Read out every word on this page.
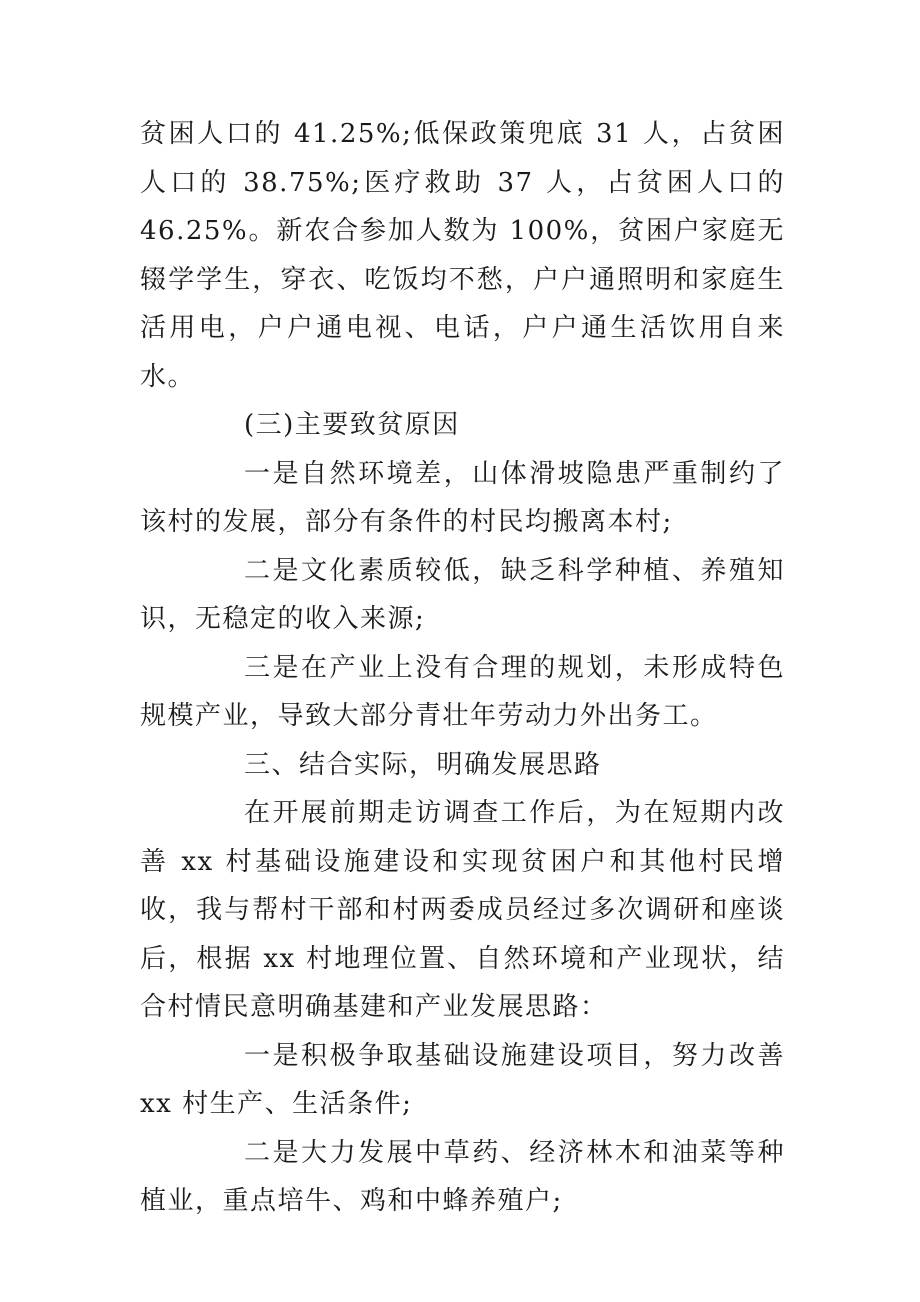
贫困人口的 41.25%;低保政策兜底 31 人，占贫困人口的 38.75%;医疗救助 37 人，占贫困人口的 46.25%。新农合参加人数为 100%，贫困户家庭无辍学学生，穿衣、吃饭均不愁，户户通照明和家庭生活用电，户户通电视、电话，户户通生活饮用自来水。

(三)主要致贫原因

一是自然环境差，山体滑坡隐患严重制约了该村的发展，部分有条件的村民均搬离本村;

二是文化素质较低，缺乏科学种植、养殖知识，无稳定的收入来源;

三是在产业上没有合理的规划，未形成特色规模产业，导致大部分青壮年劳动力外出务工。

三、结合实际，明确发展思路

在开展前期走访调查工作后，为在短期内改善 xx 村基础设施建设和实现贫困户和其他村民增收，我与帮村干部和村两委成员经过多次调研和座谈后，根据 xx 村地理位置、自然环境和产业现状，结合村情民意明确基建和产业发展思路：

一是积极争取基础设施建设项目，努力改善 xx 村生产、生活条件;

二是大力发展中草药、经济林木和油菜等种植业，重点培牛、鸡和中蜂养殖户;
